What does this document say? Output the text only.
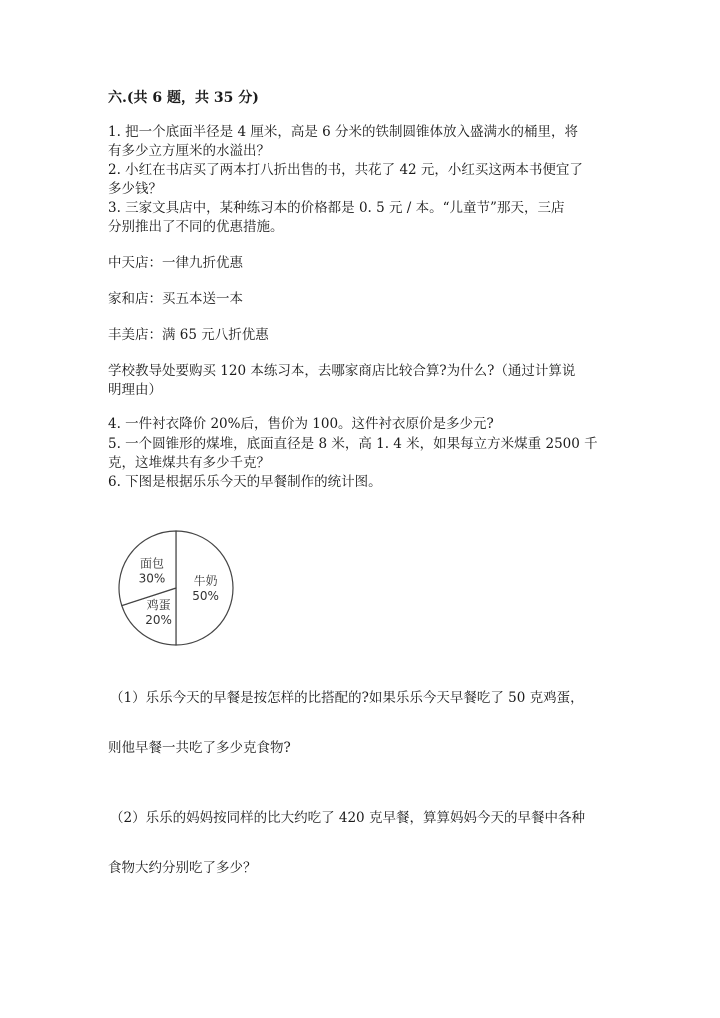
六.(共 6 题，共 35 分)
1. 把一个底面半径是 4 厘米，高是 6 分米的铁制圆锥体放入盛满水的桶里，将
有多少立方厘米的水溢出？
2. 小红在书店买了两本打八折出售的书，共花了 42 元，小红买这两本书便宜了
多少钱？
3. 三家文具店中，某种练习本的价格都是 0. 5 元 / 本。“儿童节”那天，三店
分别推出了不同的优惠措施。
中天店：一律九折优惠
家和店：买五本送一本
丰美店：满 65 元八折优惠
学校教导处要购买 120 本练习本，去哪家商店比较合算?为什么?（通过计算说
明理由）
4. 一件衬衣降价 20%后，售价为 100。这件衬衣原价是多少元?
5. 一个圆锥形的煤堆，底面直径是 8 米，高 1. 4 米，如果每立方米煤重 2500 千
克，这堆煤共有多少千克？
6. 下图是根据乐乐今天的早餐制作的统计图。
牛奶
50%
鸡蛋
20%
面包
30%
（1）乐乐今天的早餐是按怎样的比搭配的?如果乐乐今天早餐吃了 50 克鸡蛋，
则他早餐一共吃了多少克食物?
（2）乐乐的妈妈按同样的比大约吃了 420 克早餐，算算妈妈今天的早餐中各种
食物大约分别吃了多少？
